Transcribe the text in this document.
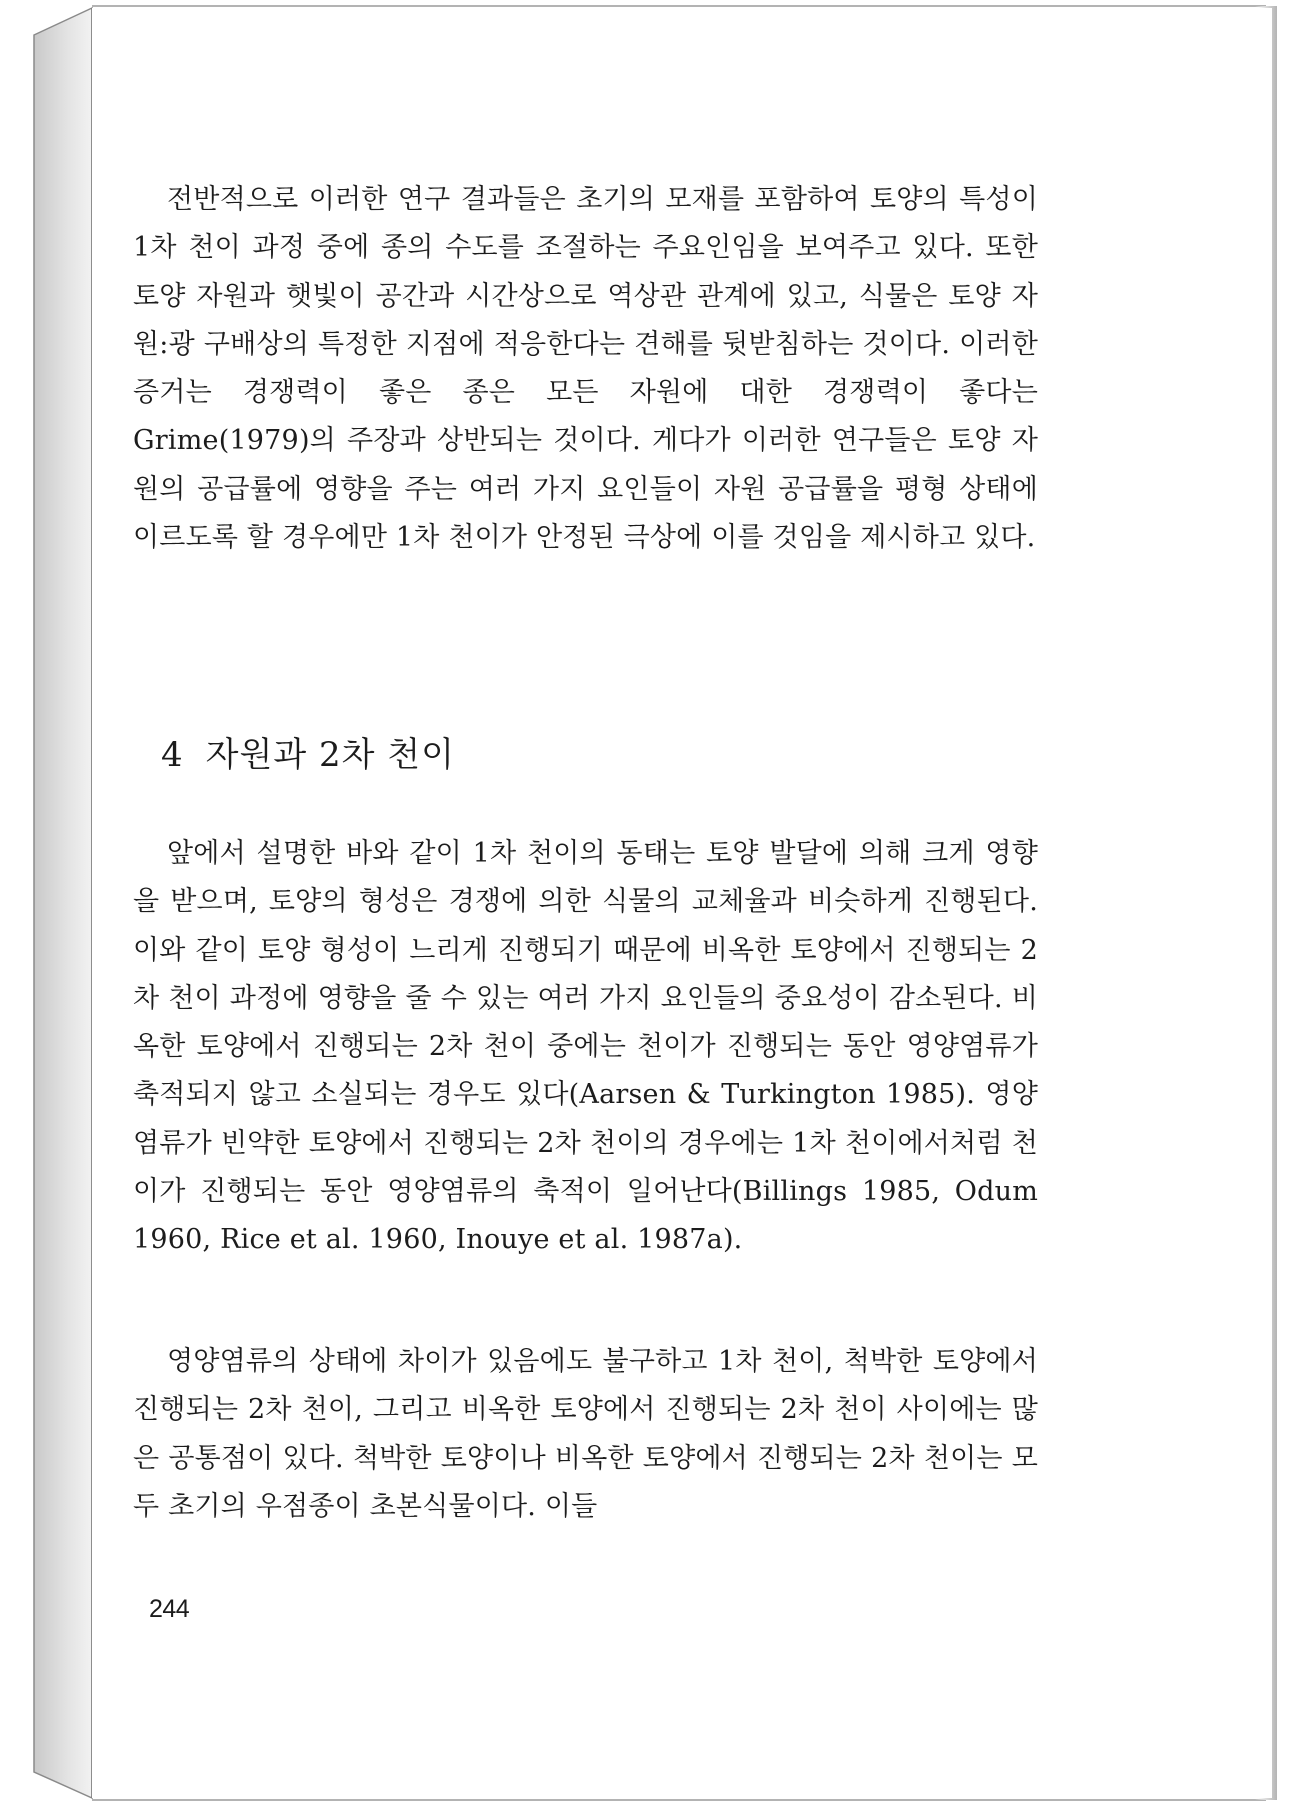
전반적으로 이러한 연구 결과들은 초기의 모재를 포함하여 토양의 특성이 1차 천이 과정 중에 종의 수도를 조절하는 주요인임을 보여주고 있다. 또한 토양 자원과 햇빛이 공간과 시간상으로 역상관 관계에 있고, 식물은 토양 자원:광 구배상의 특정한 지점에 적응한다는 견해를 뒷받침하는 것이다. 이러한 증거는 경쟁력이 좋은 종은 모든 자원에 대한 경쟁력이 좋다는 Grime(1979)의 주장과 상반되는 것이다. 게다가 이러한 연구들은 토양 자원의 공급률에 영향을 주는 여러 가지 요인들이 자원 공급률을 평형 상태에 이르도록 할 경우에만 1차 천이가 안정된 극상에 이를 것임을 제시하고 있다.

4 자원과 2차 천이

앞에서 설명한 바와 같이 1차 천이의 동태는 토양 발달에 의해 크게 영향을 받으며, 토양의 형성은 경쟁에 의한 식물의 교체율과 비슷하게 진행된다. 이와 같이 토양 형성이 느리게 진행되기 때문에 비옥한 토양에서 진행되는 2차 천이 과정에 영향을 줄 수 있는 여러 가지 요인들의 중요성이 감소된다. 비옥한 토양에서 진행되는 2차 천이 중에는 천이가 진행되는 동안 영양염류가 축적되지 않고 소실되는 경우도 있다(Aarsen & Turkington 1985). 영양염류가 빈약한 토양에서 진행되는 2차 천이의 경우에는 1차 천이에서처럼 천이가 진행되는 동안 영양염류의 축적이 일어난다(Billings 1985, Odum 1960, Rice et al. 1960, Inouye et al. 1987a).

영양염류의 상태에 차이가 있음에도 불구하고 1차 천이, 척박한 토양에서 진행되는 2차 천이, 그리고 비옥한 토양에서 진행되는 2차 천이 사이에는 많은 공통점이 있다. 척박한 토양이나 비옥한 토양에서 진행되는 2차 천이는 모두 초기의 우점종이 초본식물이다. 이들

244
